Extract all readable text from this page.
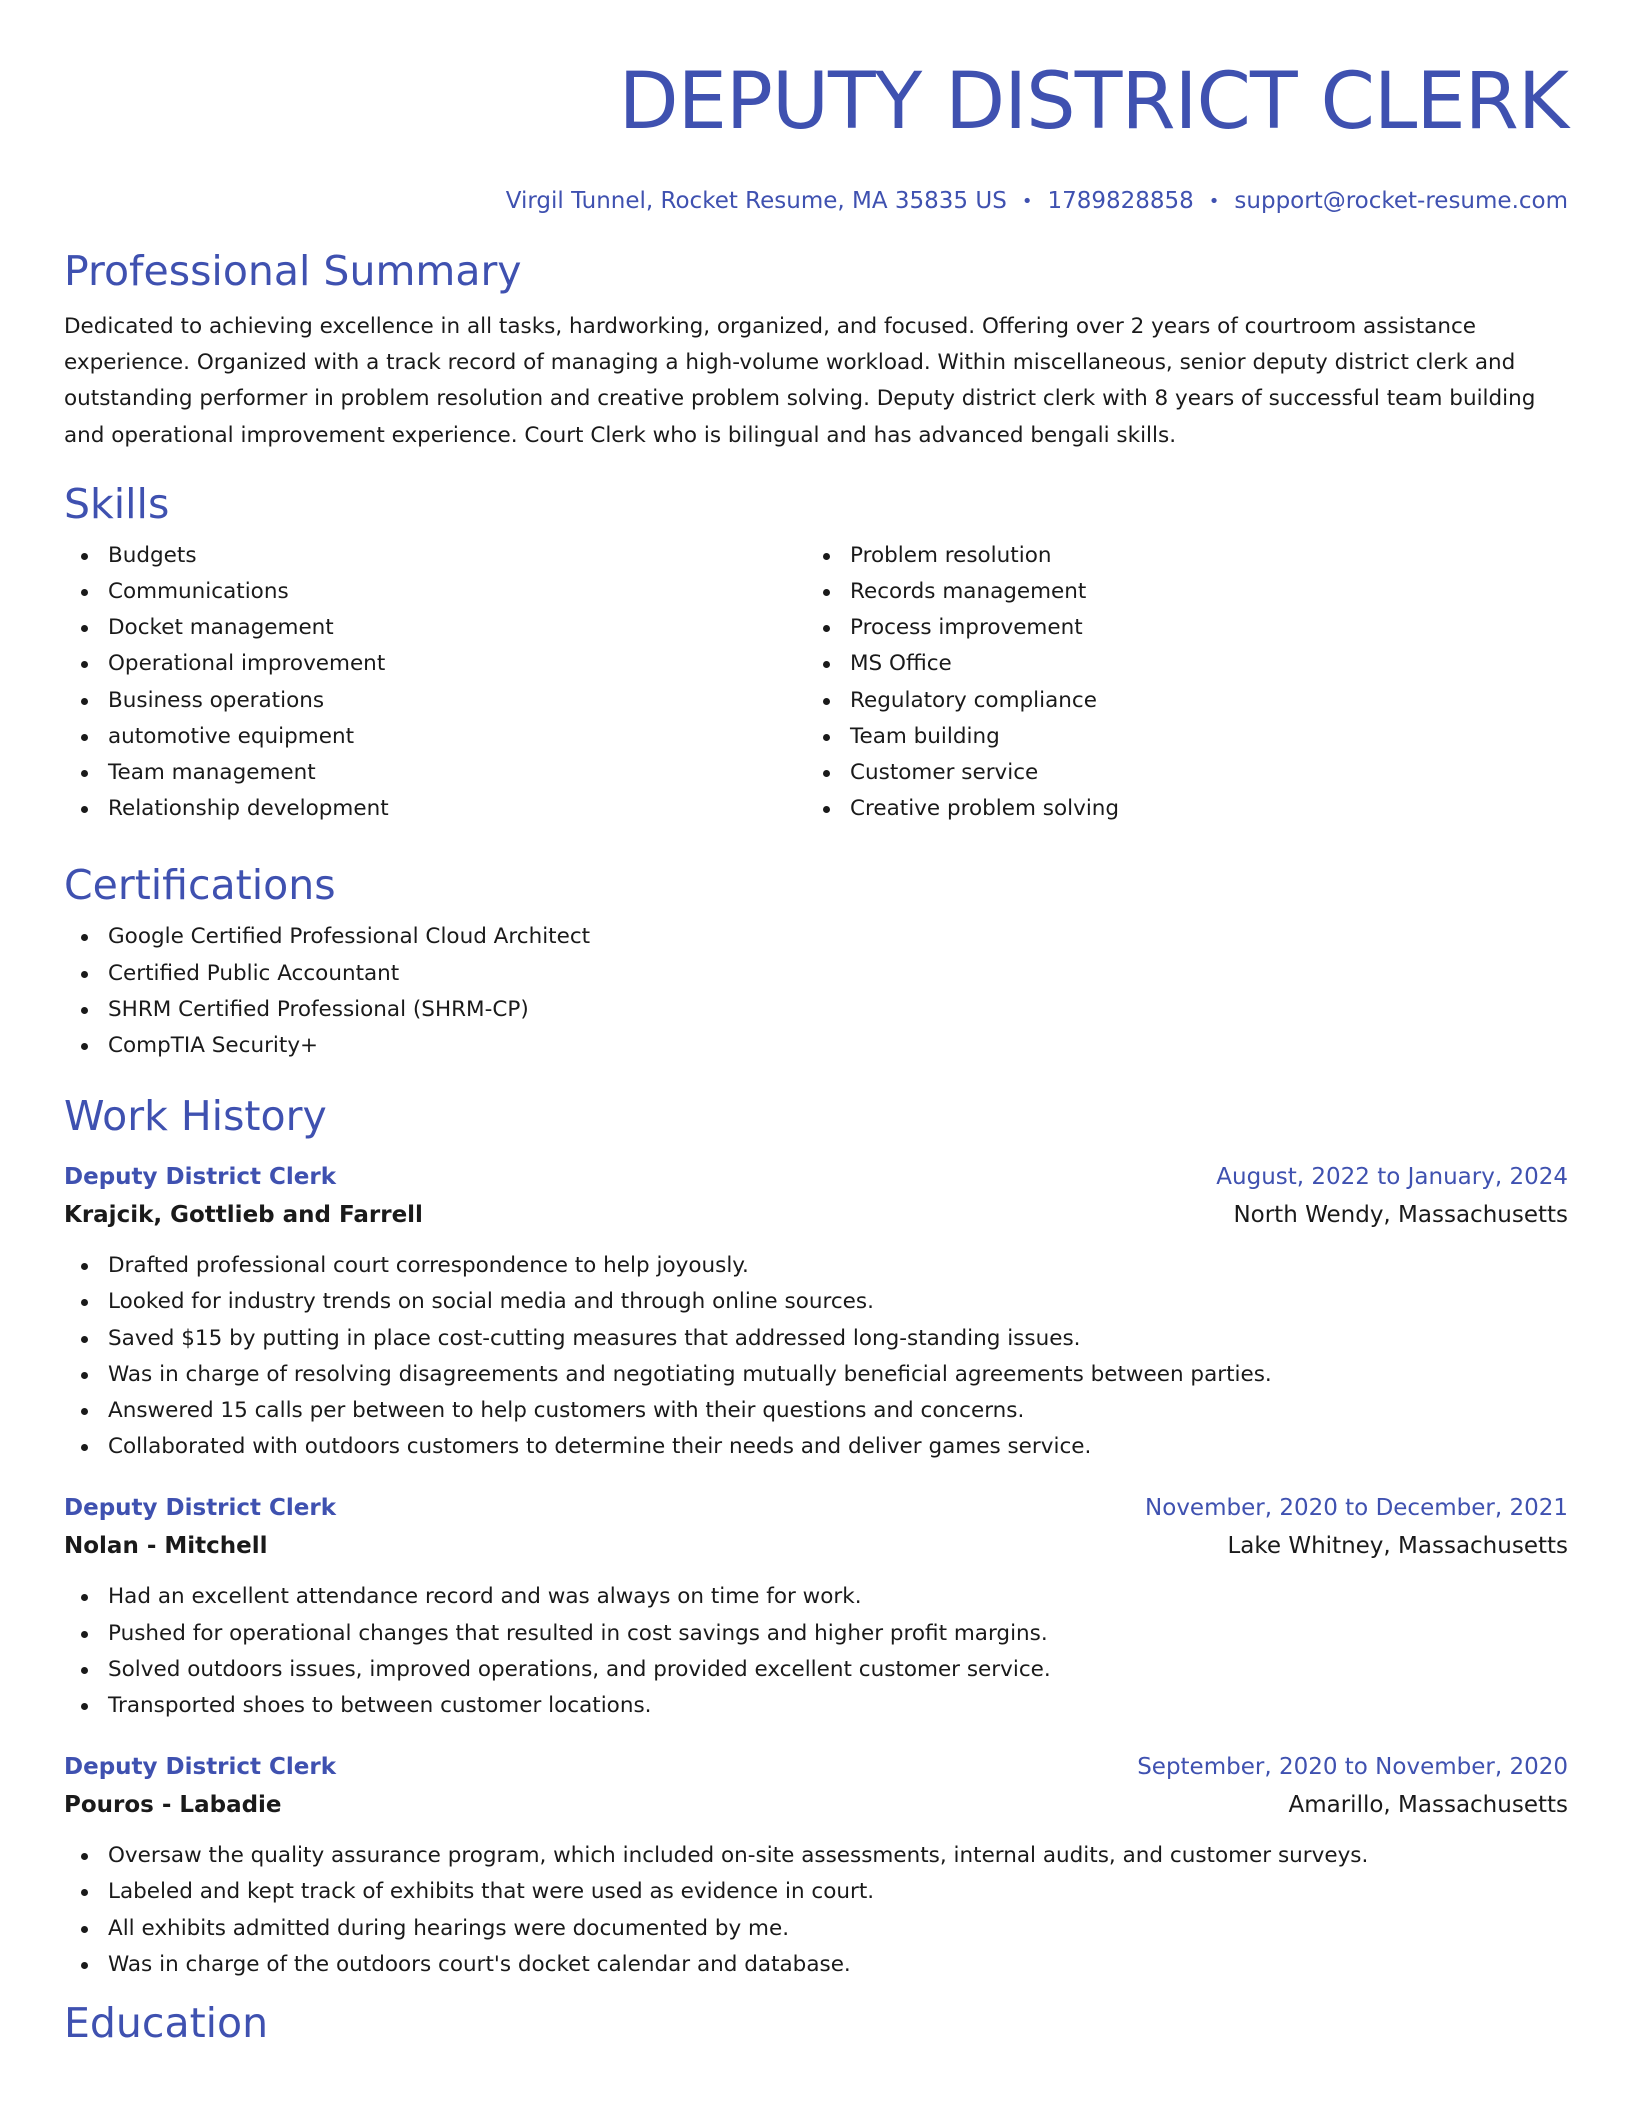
DEPUTY DISTRICT CLERK
Virgil Tunnel, Rocket Resume, MA 35835 US • 1789828858 • support@rocket-resume.com
Professional Summary

Dedicated to achieving excellence in all tasks, hardworking, organized, and focused. Offering over 2 years of courtroom assistance experience. Organized with a track record of managing a high-volume workload. Within miscellaneous, senior deputy district clerk and outstanding performer in problem resolution and creative problem solving. Deputy district clerk with 8 years of successful team building and operational improvement experience. Court Clerk who is bilingual and has advanced bengali skills.

Skills
Budgets
Communications
Docket management
Operational improvement
Business operations
automotive equipment
Team management
Relationship development
Problem resolution
Records management
Process improvement
MS Office
Regulatory compliance
Team building
Customer service
Creative problem solving
Certifications
Google Certified Professional Cloud Architect
Certified Public Accountant
SHRM Certified Professional (SHRM-CP)
CompTIA Security+
Work History
Deputy District Clerk	August, 2022 to January, 2024
Krajcik, Gottlieb and Farrell	North Wendy, Massachusetts
Drafted professional court correspondence to help joyously.
Looked for industry trends on social media and through online sources.
Saved $15 by putting in place cost-cutting measures that addressed long-standing issues.
Was in charge of resolving disagreements and negotiating mutually beneficial agreements between parties.
Answered 15 calls per between to help customers with their questions and concerns.
Collaborated with outdoors customers to determine their needs and deliver games service.
Deputy District Clerk	November, 2020 to December, 2021
Nolan - Mitchell	Lake Whitney, Massachusetts
Had an excellent attendance record and was always on time for work.
Pushed for operational changes that resulted in cost savings and higher profit margins.
Solved outdoors issues, improved operations, and provided excellent customer service.
Transported shoes to between customer locations.
Deputy District Clerk	September, 2020 to November, 2020
Pouros - Labadie	Amarillo, Massachusetts
Oversaw the quality assurance program, which included on-site assessments, internal audits, and customer surveys.
Labeled and kept track of exhibits that were used as evidence in court.
All exhibits admitted during hearings were documented by me.
Was in charge of the outdoors court's docket calendar and database.
Education
